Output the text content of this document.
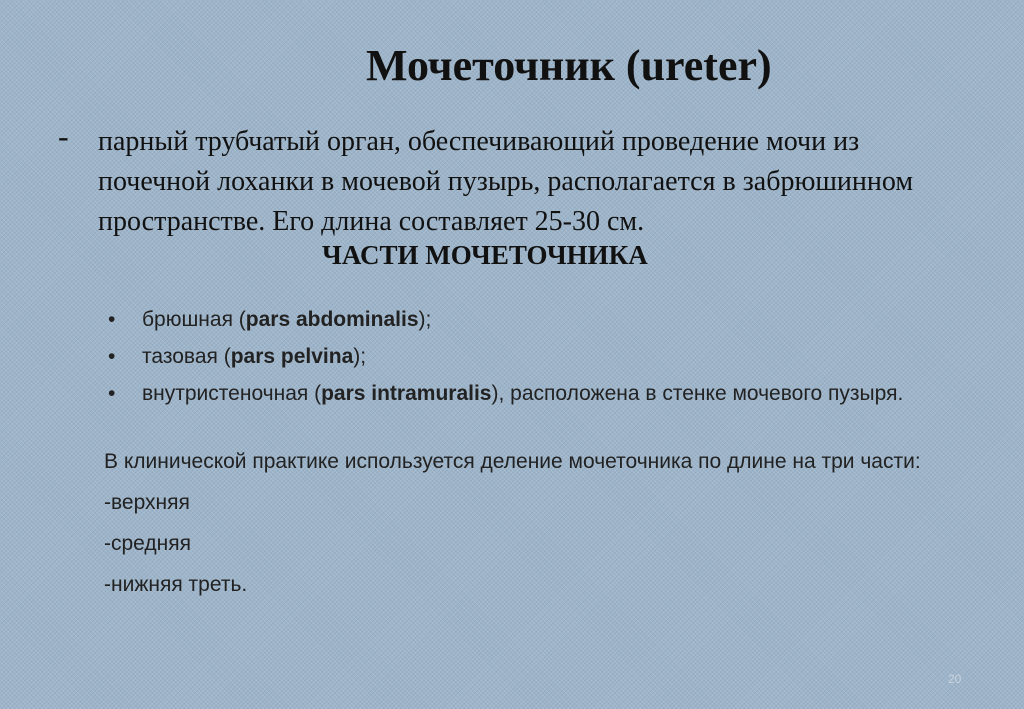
Мочеточник (ureter)
- парный трубчатый орган, обеспечивающий проведение мочи из почечной лоханки в мочевой пузырь, располагается в забрюшинном пространстве. Его длина составляет 25-30 см.
ЧАСТИ МОЧЕТОЧНИКА
• брюшная (pars abdominalis);
• тазовая (pars pelvina);
• внутристеночная (pars intramuralis), расположена в стенке мочевого пузыря.
В клинической практике используется деление мочеточника по длине на три части:
-верхняя
-средняя
-нижняя треть.
20
